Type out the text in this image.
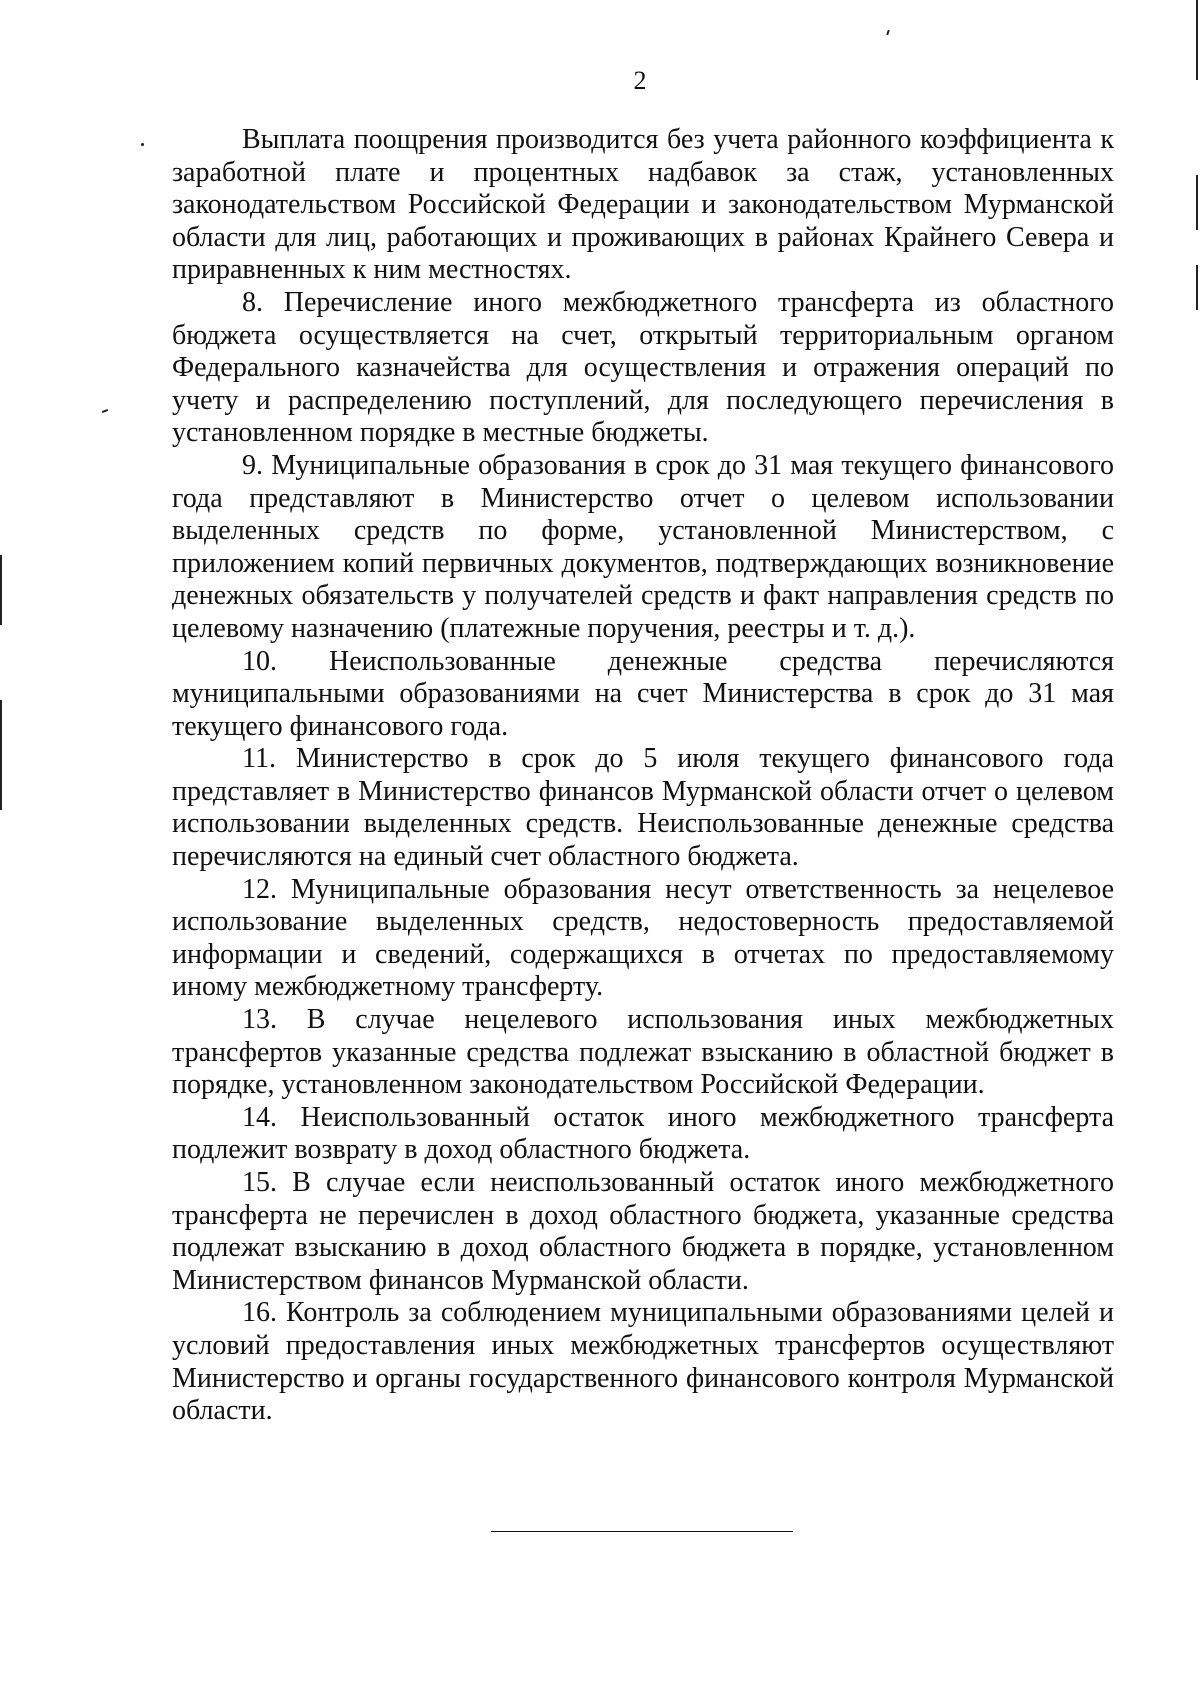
2

Выплата поощрения производится без учета районного коэффициента к заработной плате и процентных надбавок за стаж, установленных законодательством Российской Федерации и законодательством Мурманской области для лиц, работающих и проживающих в районах Крайнего Севера и приравненных к ним местностях.

8. Перечисление иного межбюджетного трансферта из областного бюджета осуществляется на счет, открытый территориальным органом Федерального казначейства для осуществления и отражения операций по учету и распределению поступлений, для последующего перечисления в установленном порядке в местные бюджеты.

9. Муниципальные образования в срок до 31 мая текущего финансового года представляют в Министерство отчет о целевом использовании выделенных средств по форме, установленной Министерством, с приложением копий первичных документов, подтверждающих возникновение денежных обязательств у получателей средств и факт направления средств по целевому назначению (платежные поручения, реестры и т. д.).

10. Неиспользованные денежные средства перечисляются муниципальными образованиями на счет Министерства в срок до 31 мая текущего финансового года.

11. Министерство в срок до 5 июля текущего финансового года представляет в Министерство финансов Мурманской области отчет о целевом использовании выделенных средств. Неиспользованные денежные средства перечисляются на единый счет областного бюджета.

12. Муниципальные образования несут ответственность за нецелевое использование выделенных средств, недостоверность предоставляемой информации и сведений, содержащихся в отчетах по предоставляемому иному межбюджетному трансферту.

13. В случае нецелевого использования иных межбюджетных трансфертов указанные средства подлежат взысканию в областной бюджет в порядке, установленном законодательством Российской Федерации.

14. Неиспользованный остаток иного межбюджетного трансферта подлежит возврату в доход областного бюджета.

15. В случае если неиспользованный остаток иного межбюджетного трансферта не перечислен в доход областного бюджета, указанные средства подлежат взысканию в доход областного бюджета в порядке, установленном Министерством финансов Мурманской области.

16. Контроль за соблюдением муниципальными образованиями целей и условий предоставления иных межбюджетных трансфертов осуществляют Министерство и органы государственного финансового контроля Мурманской области.
